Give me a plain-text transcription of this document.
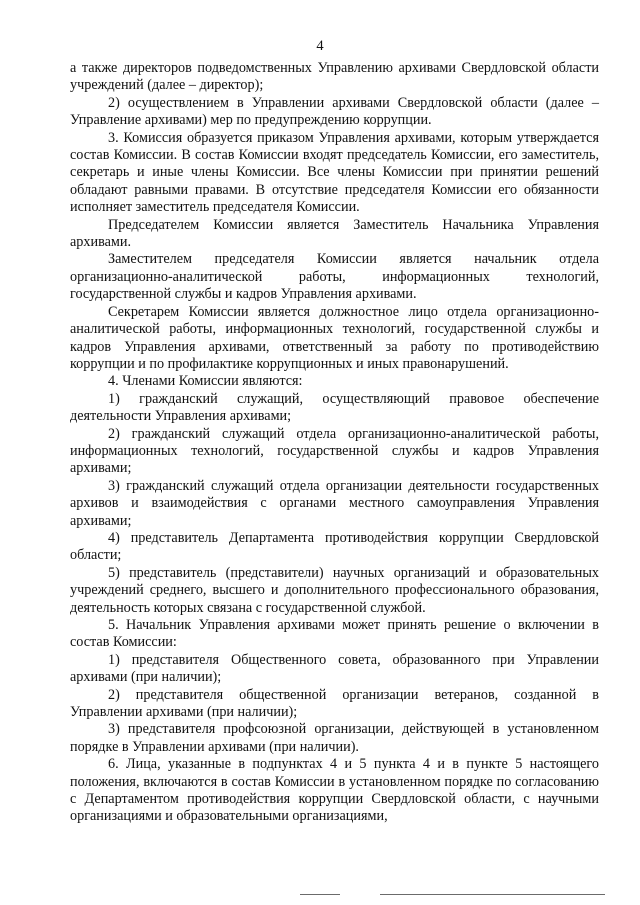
4

а также директоров подведомственных Управлению архивами Свердловской области учреждений (далее – директор);

2) осуществлением в Управлении архивами Свердловской области (далее – Управление архивами) мер по предупреждению коррупции.

3. Комиссия образуется приказом Управления архивами, которым утверждается состав Комиссии. В состав Комиссии входят председатель Комиссии, его заместитель, секретарь и иные члены Комиссии. Все члены Комиссии при принятии решений обладают равными правами. В отсутствие председателя Комиссии его обязанности исполняет заместитель председателя Комиссии.

Председателем Комиссии является Заместитель Начальника Управления архивами.

Заместителем председателя Комиссии является начальник отдела организационно-аналитической работы, информационных технологий, государственной службы и кадров Управления архивами.

Секретарем Комиссии является должностное лицо отдела организационно-аналитической работы, информационных технологий, государственной службы и кадров Управления архивами, ответственный за работу по противодействию коррупции и по профилактике коррупционных и иных правонарушений.

4. Членами Комиссии являются:

1) гражданский служащий, осуществляющий правовое обеспечение деятельности Управления архивами;

2) гражданский служащий отдела организационно-аналитической работы, информационных технологий, государственной службы и кадров Управления архивами;

3) гражданский служащий отдела организации деятельности государственных архивов и взаимодействия с органами местного самоуправления Управления архивами;

4) представитель Департамента противодействия коррупции Свердловской области;

5) представитель (представители) научных организаций и образовательных учреждений среднего, высшего и дополнительного профессионального образования, деятельность которых связана с государственной службой.

5. Начальник Управления архивами может принять решение о включении в состав Комиссии:

1) представителя Общественного совета, образованного при Управлении архивами (при наличии);

2) представителя общественной организации ветеранов, созданной в Управлении архивами (при наличии);

3) представителя профсоюзной организации, действующей в установленном порядке в Управлении архивами (при наличии).

6. Лица, указанные в подпунктах 4 и 5 пункта 4 и в пункте 5 настоящего положения, включаются в состав Комиссии в установленном порядке по согласованию с Департаментом противодействия коррупции Свердловской области, с научными организациями и образовательными организациями,
